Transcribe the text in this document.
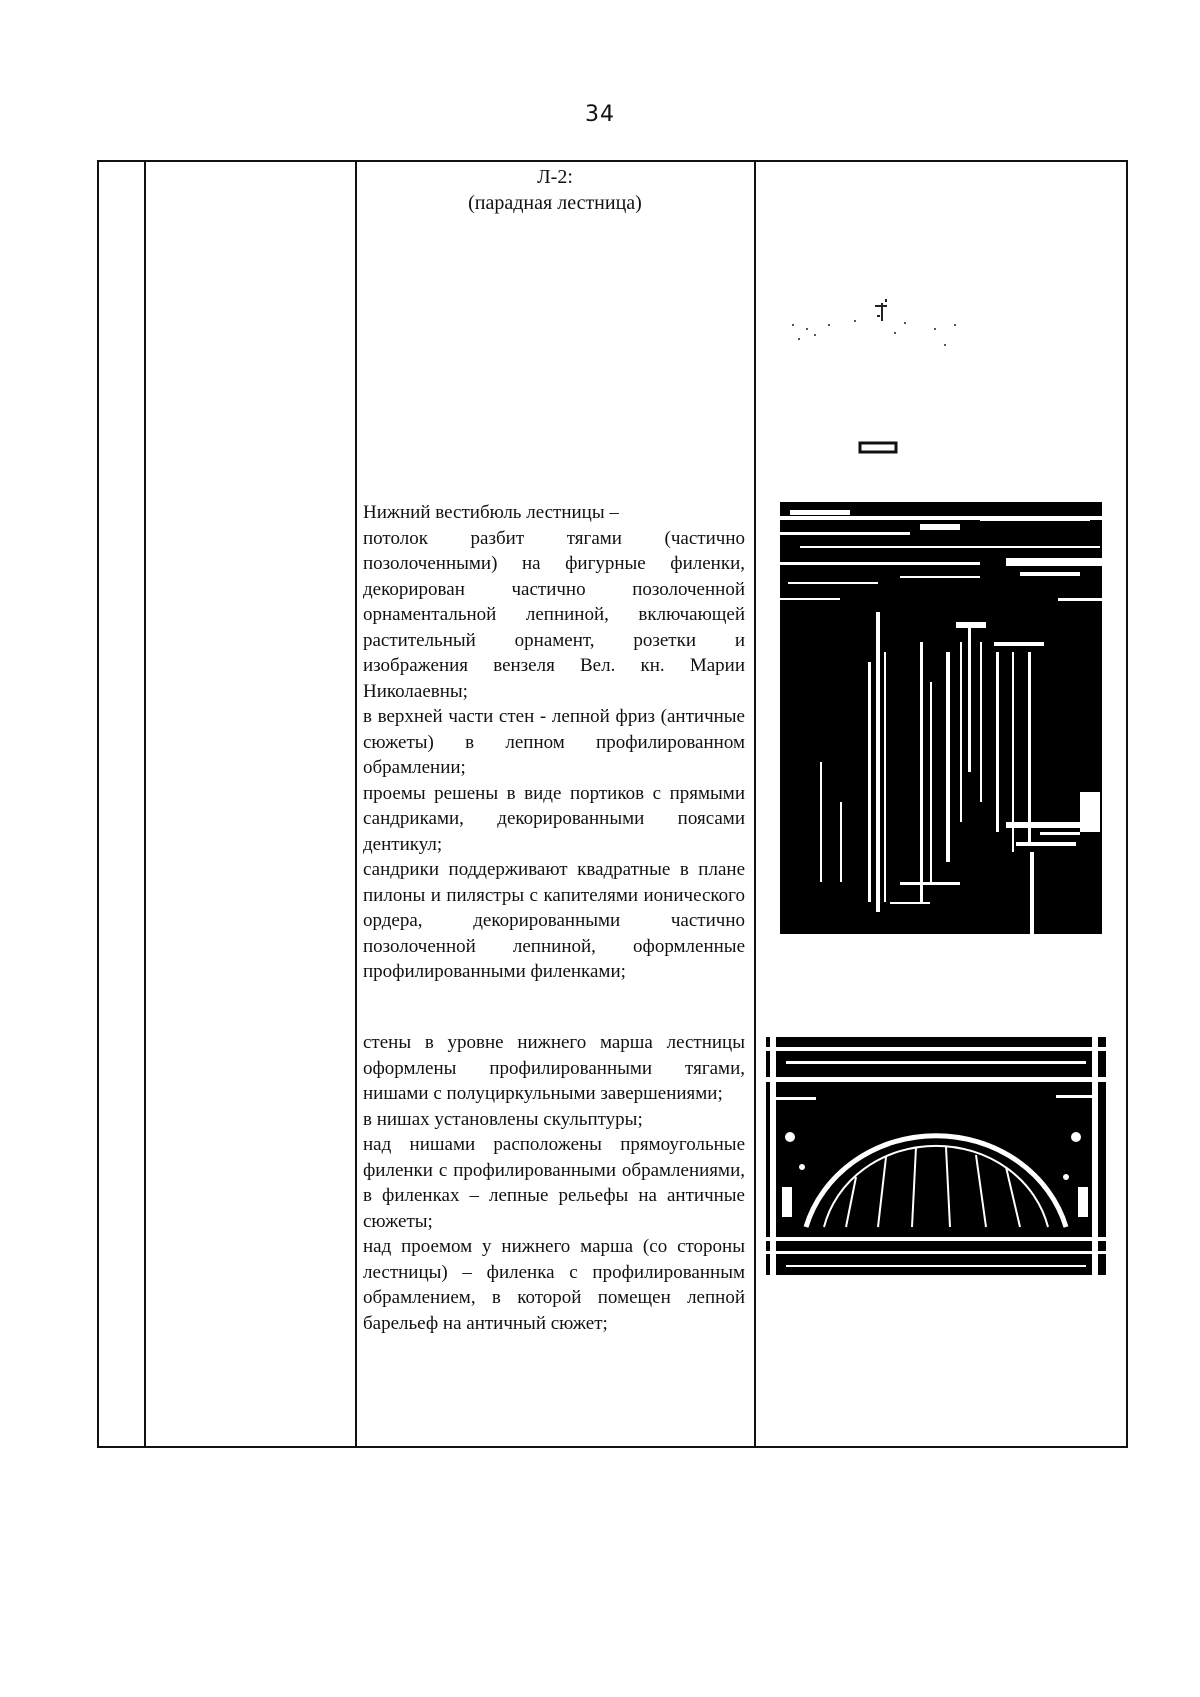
34
Л-2:
(парадная лестница)

Нижний вестибюль лестницы –

потолок разбит тягами (частично позолоченными) на фигурные филенки, декорирован частично позолоченной орнаментальной лепниной, включающей растительный орнамент, розетки и изображения вензеля Вел. кн. Марии Николаевны;

в верхней части стен - лепной фриз (античные сюжеты) в лепном профилированном обрамлении;

проемы решены в виде портиков с прямыми сандриками, декорированными поясами дентикул;

сандрики поддерживают квадратные в плане пилоны и пилястры с капителями ионического ордера, декорированными частично позолоченной лепниной, оформленные профилированными филенками;

стены в уровне нижнего марша лестницы оформлены профилированными тягами, нишами с полуциркульными завершениями;

в нишах установлены скульптуры;

над нишами расположены прямоугольные филенки с профилированными обрамлениями, в филенках – лепные рельефы на античные сюжеты;

над проемом у нижнего марша (со стороны лестницы) – филенка с профилированным обрамлением, в которой помещен лепной барельеф на античный сюжет;
